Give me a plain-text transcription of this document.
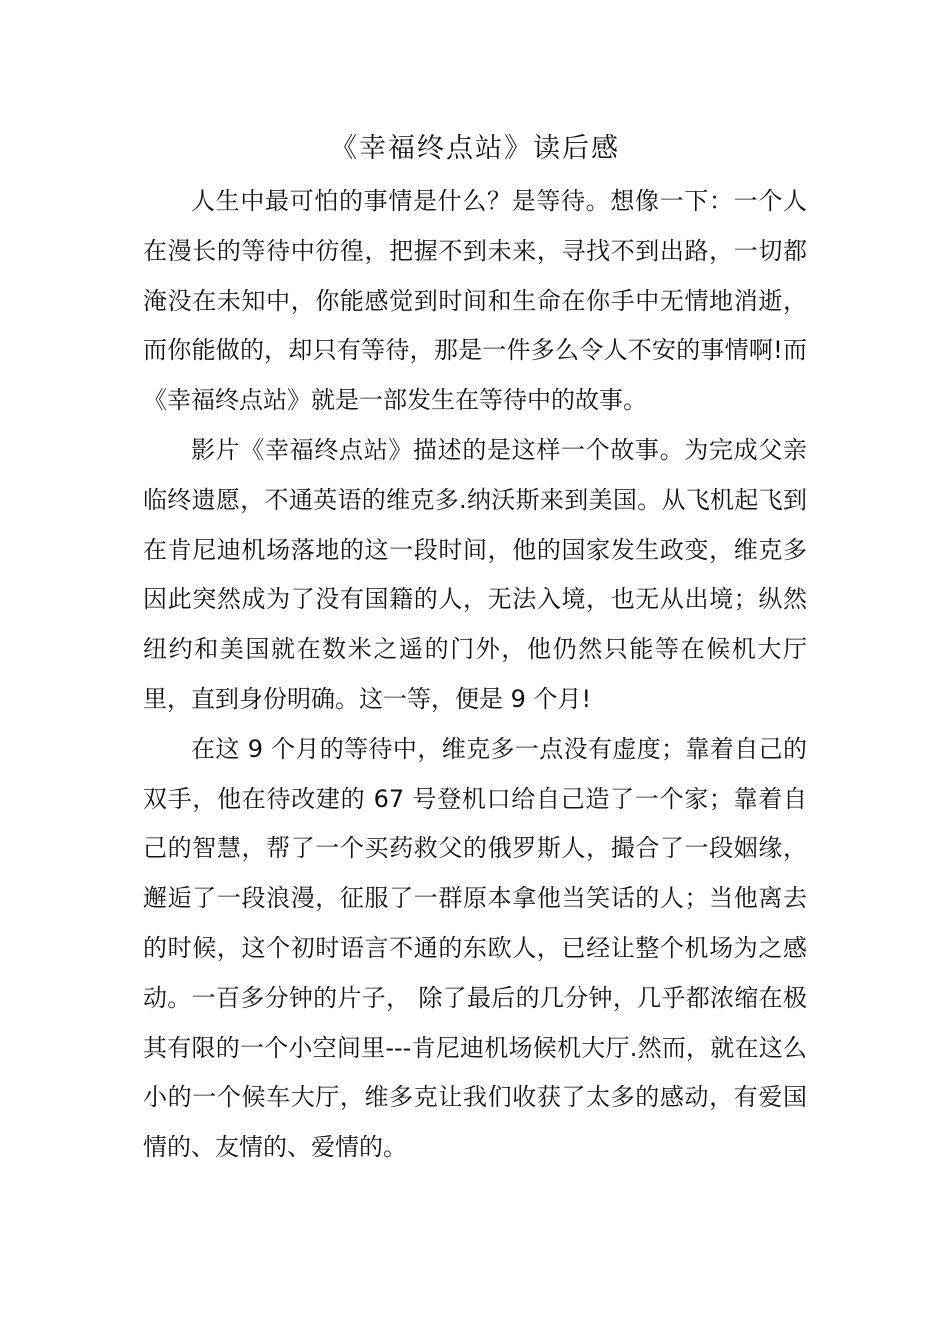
《幸福终点站》读后感

人生中最可怕的事情是什么？是等待。想像一下：一个人在漫长的等待中彷徨，把握不到未来，寻找不到出路，一切都淹没在未知中，你能感觉到时间和生命在你手中无情地消逝，而你能做的，却只有等待，那是一件多么令人不安的事情啊!而《幸福终点站》就是一部发生在等待中的故事。

影片《幸福终点站》描述的是这样一个故事。为完成父亲临终遗愿，不通英语的维克多.纳沃斯来到美国。从飞机起飞到在肯尼迪机场落地的这一段时间，他的国家发生政变，维克多因此突然成为了没有国籍的人，无法入境，也无从出境；纵然纽约和美国就在数米之遥的门外，他仍然只能等在候机大厅里，直到身份明确。这一等，便是 9 个月!

在这 9 个月的等待中，维克多一点没有虚度；靠着自己的双手，他在待改建的 67 号登机口给自己造了一个家；靠着自己的智慧，帮了一个买药救父的俄罗斯人，撮合了一段姻缘，邂逅了一段浪漫，征服了一群原本拿他当笑话的人；当他离去的时候，这个初时语言不通的东欧人，已经让整个机场为之感动。一百多分钟的片子， 除了最后的几分钟，几乎都浓缩在极其有限的一个小空间里---肯尼迪机场候机大厅.然而，就在这么小的一个候车大厅，维多克让我们收获了太多的感动，有爱国情的、友情的、爱情的。
